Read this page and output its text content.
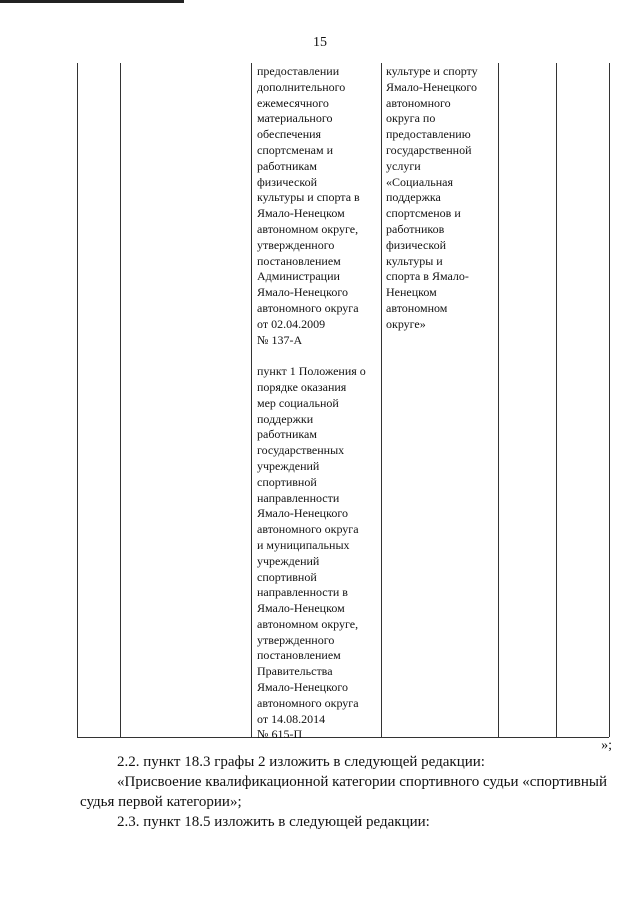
15
предоставлении
дополнительного
ежемесячного
материального
обеспечения
спортсменам и
работникам
физической
культуры и спорта в
Ямало-Ненецком
автономном округе,
утвержденного
постановлением
Администрации
Ямало-Ненецкого
автономного округа
от 02.04.2009
№ 137-А

пункт 1 Положения о
порядке оказания
мер социальной
поддержки
работникам
государственных
учреждений
спортивной
направленности
Ямало-Ненецкого
автономного округа
и муниципальных
учреждений
спортивной
направленности в
Ямало-Ненецком
автономном округе,
утвержденного
постановлением
Правительства
Ямало-Ненецкого
автономного округа
от 14.08.2014
№ 615-П
культуре и спорту
Ямало-Ненецкого
автономного
округа по
предоставлению
государственной
услуги
«Социальная
поддержка
спортсменов и
работников
физической
культуры и
спорта в Ямало-
Ненецком
автономном
округе»
»;
2.2. пункт 18.3 графы 2 изложить в следующей редакции:
«Присвоение квалификационной категории спортивного судьи «спортивный
судья первой категории»;
2.3. пункт 18.5 изложить в следующей редакции:
